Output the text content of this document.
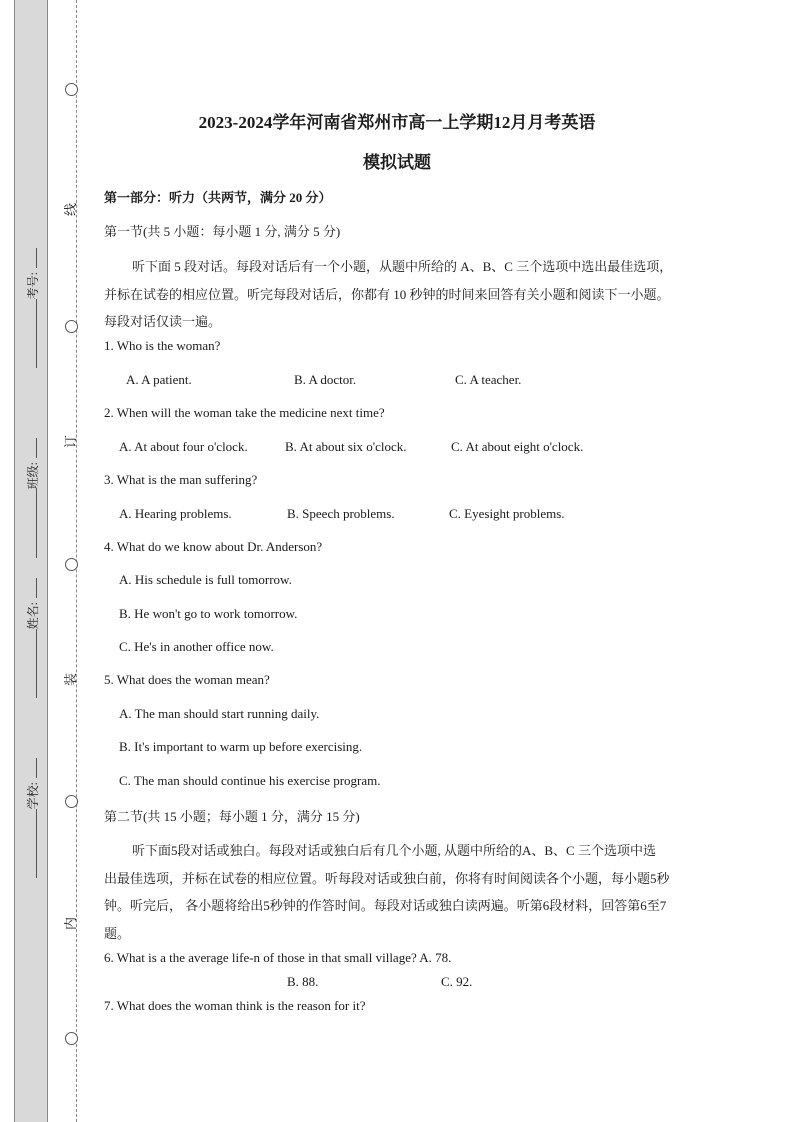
线
订
装
内
考号:
班级:
姓名:
学校:
2023-2024学年河南省郑州市高一上学期12月月考英语
模拟试题
第一部分：听力（共两节，满分 20 分）
第一节(共 5 小题：每小题 1 分, 满分 5 分)
听下面 5 段对话。每段对话后有一个小题，从题中所给的 A、B、C 三个选项中选出最佳选项，
并标在试卷的相应位置。听完每段对话后，你都有 10 秒钟的时间来回答有关小题和阅读下一小题。
每段对话仅读一遍。
1. Who is the woman?
A. A patient.	B. A doctor.	C. A teacher.
2. When will the woman take the medicine next time?
A. At about four o'clock.	B. At about six o'clock.	C. At about eight o'clock.
3. What is the man suffering?
A. Hearing problems.	B. Speech problems.	C. Eyesight problems.
4. What do we know about Dr. Anderson?
A. His schedule is full tomorrow.
B. He won't go to work tomorrow.
C. He's in another office now.
5. What does the woman mean?
A. The man should start running daily.
B. It's important to warm up before exercising.
C. The man should continue his exercise program.
第二节(共 15 小题；每小题 1 分，满分 15 分)
听下面5段对话或独白。每段对话或独白后有几个小题, 从题中所给的A、B、C 三个选项中选
出最佳选项，并标在试卷的相应位置。听每段对话或独白前，你将有时间阅读各个小题，每小题5秒
钟。听完后， 各小题将给出5秒钟的作答时间。每段对话或独白读两遍。听第6段材料，回答第6至7
题。
6. What is a the average life-n of those in that small village? A. 78.
B. 88.	C. 92.
7. What does the woman think is the reason for it?
